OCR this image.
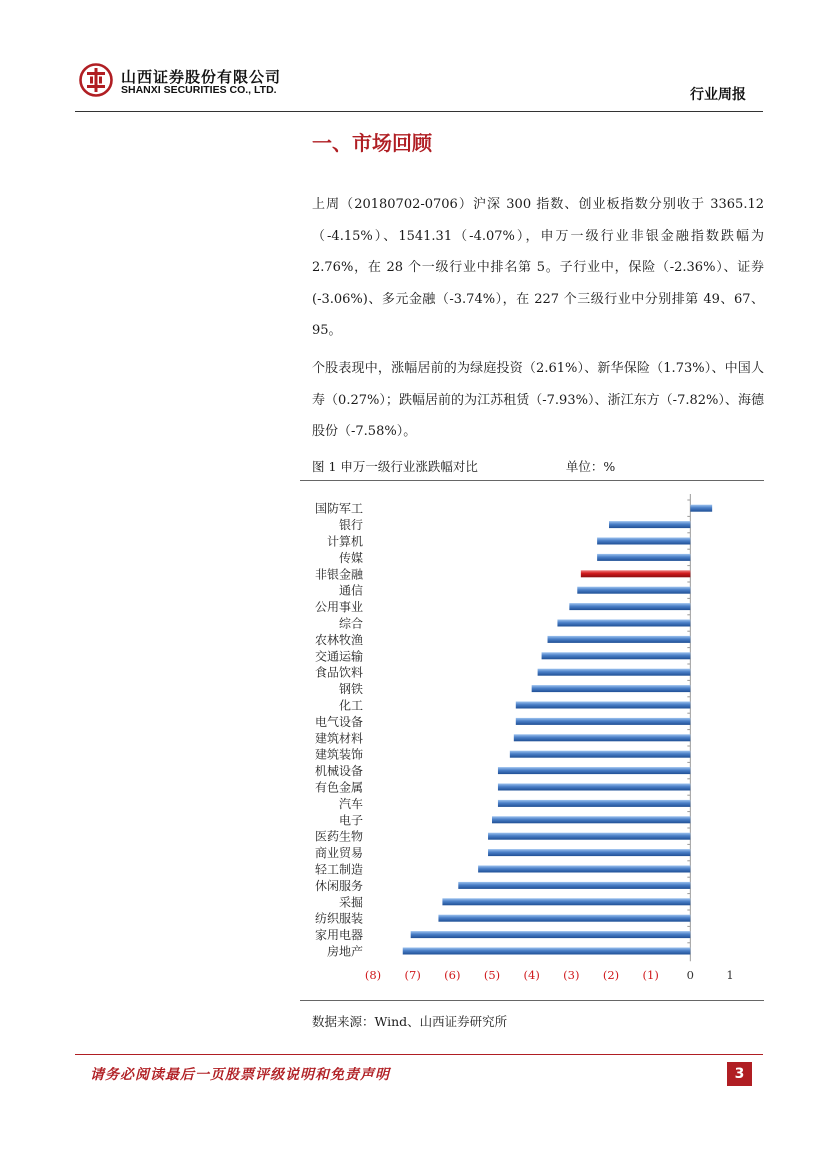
山西证券股份有限公司
SHANXI SECURITIES CO., LTD.	行业周报
一、市场回顾
上周（20180702-0706）沪深 300 指数、创业板指数分别收于 3365.12（-4.15%）、1541.31（-4.07%），申万一级行业非银金融指数跌幅为 2.76%，在 28 个一级行业中排名第 5。子行业中，保险（-2.36%）、证券(-3.06%)、多元金融（-3.74%），在 227 个三级行业中分别排第 49、67、95。
个股表现中，涨幅居前的为绿庭投资（2.61%）、新华保险（1.73%）、中国人寿（0.27%）；跌幅居前的为江苏租赁（-7.93%）、浙江东方（-7.82%）、海德股份（-7.58%）。
图 1 申万一级行业涨跌幅对比	单位：%
国防军工
银行
计算机
传媒
非银金融
通信
公用事业
综合
农林牧渔
交通运输
食品饮料
钢铁
化工
电气设备
建筑材料
建筑装饰
机械设备
有色金属
汽车
电子
医药生物
商业贸易
轻工制造
休闲服务
采掘
纺织服装
家用电器
房地产
(8) (7) (6) (5) (4) (3) (2) (1) 0	1
数据来源：Wind、山西证券研究所
请务必阅读最后一页股票评级说明和免责声明	3
